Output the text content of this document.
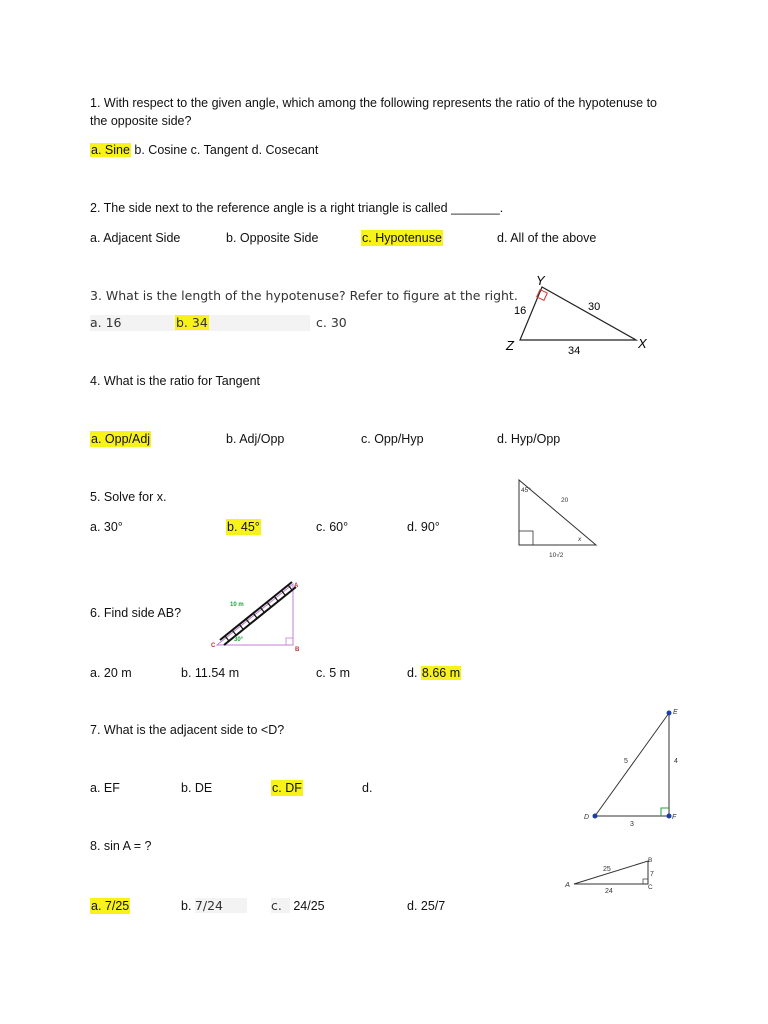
1. With respect to the given angle, which among the following represents the ratio of the hypotenuse to
the opposite side?
a. Sine b. Cosine c. Tangent d. Cosecant
2. The side next to the reference angle is a right triangle is called _______.
a. Adjacent Side	b. Opposite Side	c. Hypotenuse	d. All of the above
3. What is the length of the hypotenuse? Refer to figure at the right.
a. 16	b. 34	c. 30
Y
Z	X
16	30
34
4. What is the ratio for Tangent
a. Opp/Adj	b. Adj/Opp	c. Opp/Hyp	d. Hyp/Opp
5. Solve for x.
a. 30°	b. 45°	c. 60°	d. 90°
45°
20
x
10√2
6. Find side AB?
a. 20 m	b. 11.54 m	c. 5 m	d. 8.66 m
10 m
30°
A
B
C
7. What is the adjacent side to <D?
a. EF	b. DE	c. DF	d.
E
D	F
5	4
3
8. sin A = ?
a. 7/25	b. 7/24	c. 24/25	d. 25/7
A
B
C
25
7
24
